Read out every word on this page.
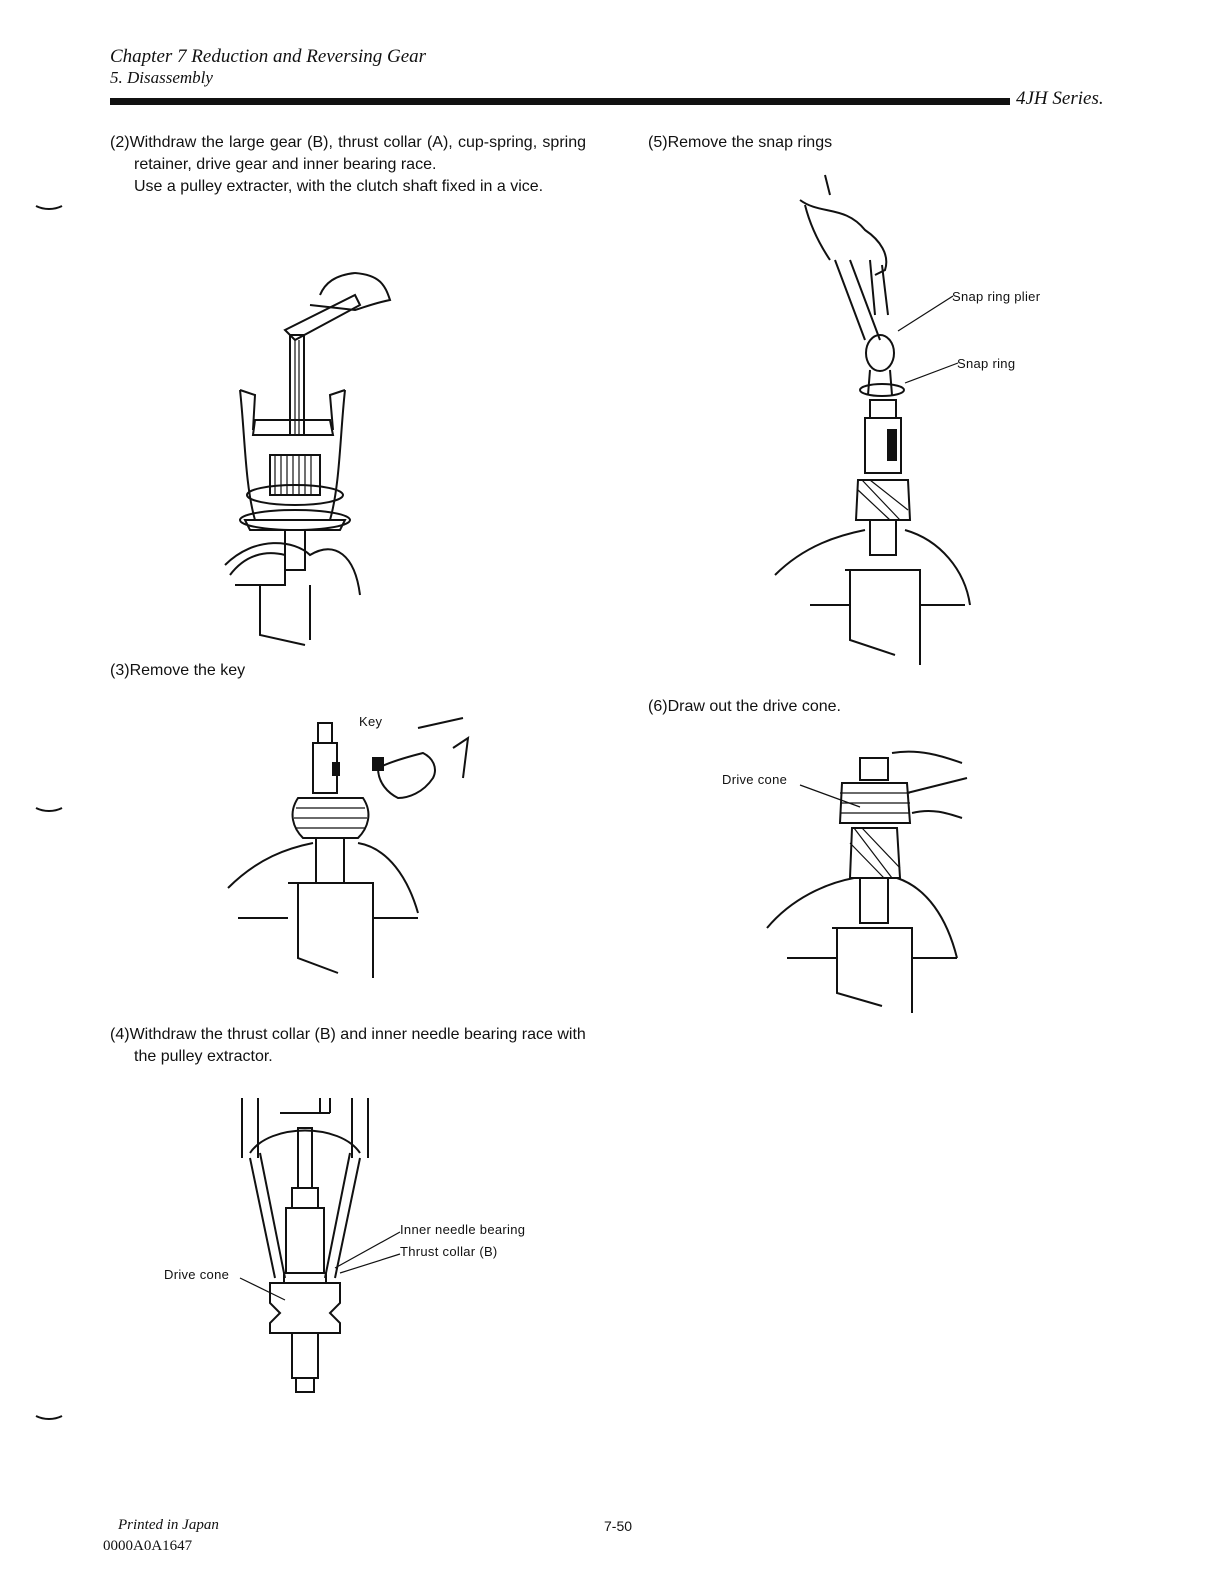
Chapter 7 Reduction and Reversing Gear
5. Disassembly
4JH Series.
(2)Withdraw the large gear (B), thrust collar (A), cup-spring, spring retainer, drive gear and inner bearing race.
Use a pulley extracter, with the clutch shaft fixed in a vice.
(3)Remove the key
Key
(4)Withdraw the thrust collar (B) and inner needle bearing race with the pulley extractor.
Inner needle bearing
Thrust collar (B)
Drive cone
(5)Remove the snap rings
Snap ring plier
Snap ring
(6)Draw out the drive cone.
Drive cone
Printed in Japan
0000A0A1647
7-50
